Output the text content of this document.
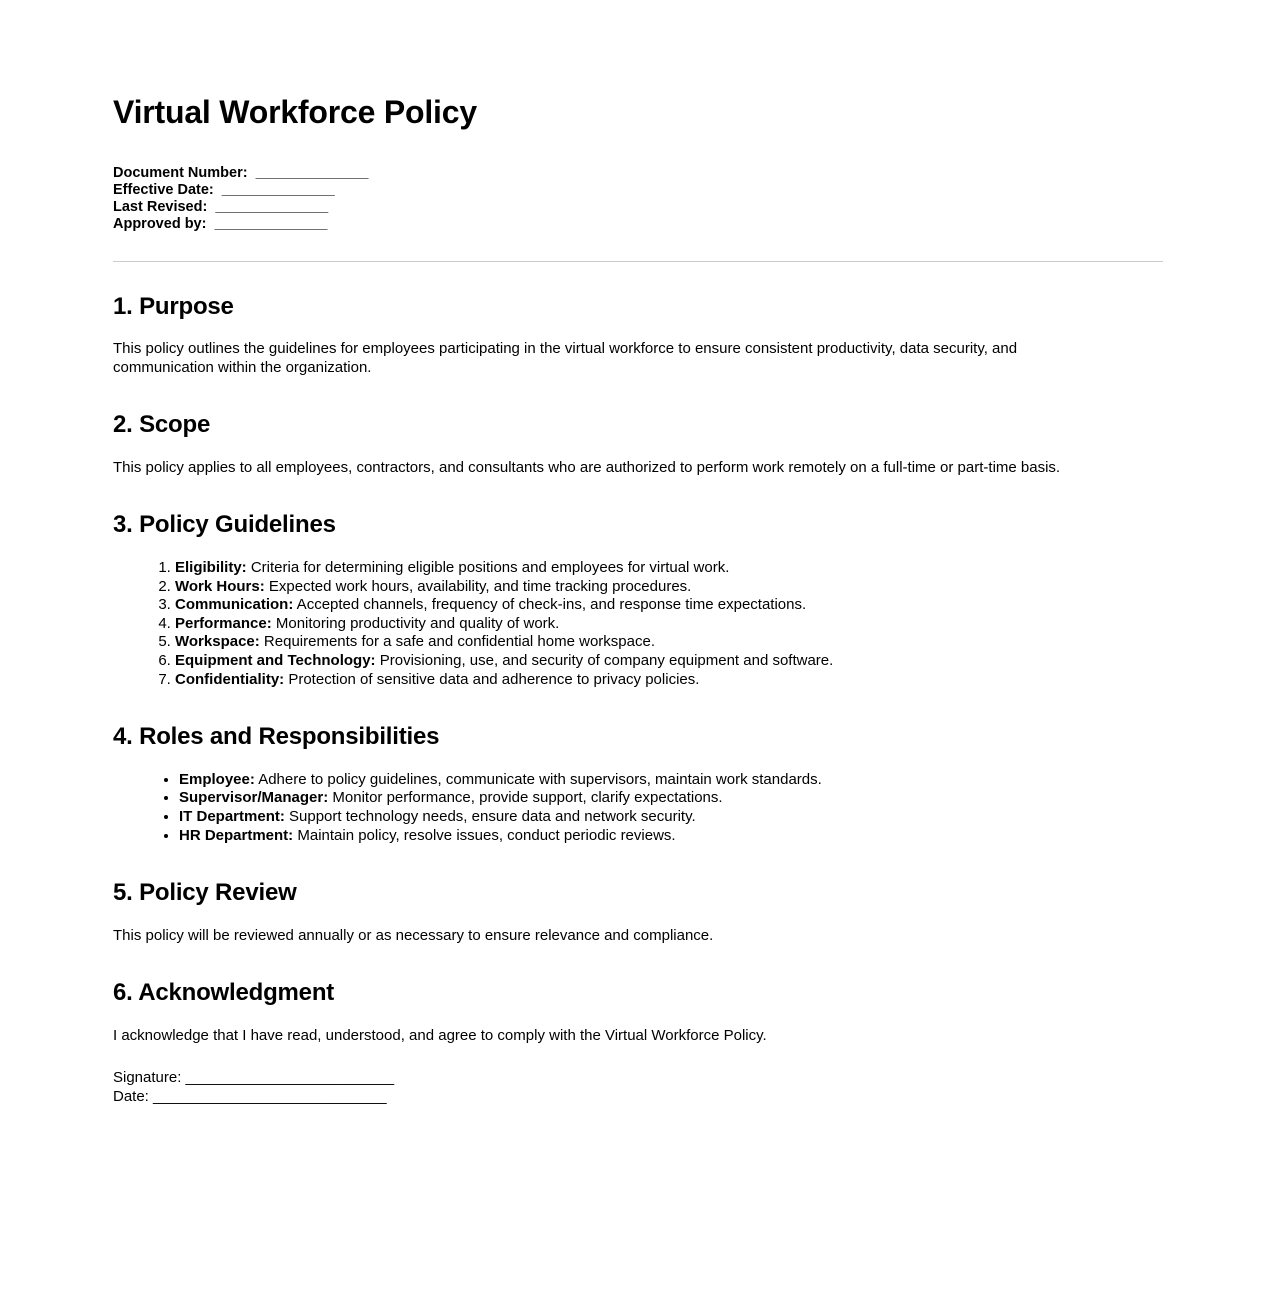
Virtual Workforce Policy
Document Number:  ______________
Effective Date:  ______________
Last Revised:  ______________
Approved by:  ______________
1. Purpose

This policy outlines the guidelines for employees participating in the virtual workforce to ensure consistent productivity, data security, and communication within the organization.

2. Scope

This policy applies to all employees, contractors, and consultants who are authorized to perform work remotely on a full-time or part-time basis.

3. Policy Guidelines
1. Eligibility: Criteria for determining eligible positions and employees for virtual work.
2. Work Hours: Expected work hours, availability, and time tracking procedures.
3. Communication: Accepted channels, frequency of check-ins, and response time expectations.
4. Performance: Monitoring productivity and quality of work.
5. Workspace: Requirements for a safe and confidential home workspace.
6. Equipment and Technology: Provisioning, use, and security of company equipment and software.
7. Confidentiality: Protection of sensitive data and adherence to privacy policies.
4. Roles and Responsibilities
• Employee: Adhere to policy guidelines, communicate with supervisors, maintain work standards.
• Supervisor/Manager: Monitor performance, provide support, clarify expectations.
• IT Department: Support technology needs, ensure data and network security.
• HR Department: Maintain policy, resolve issues, conduct periodic reviews.
5. Policy Review

This policy will be reviewed annually or as necessary to ensure relevance and compliance.

6. Acknowledgment

I acknowledge that I have read, understood, and agree to comply with the Virtual Workforce Policy.

Signature: _________________________
Date: ____________________________
